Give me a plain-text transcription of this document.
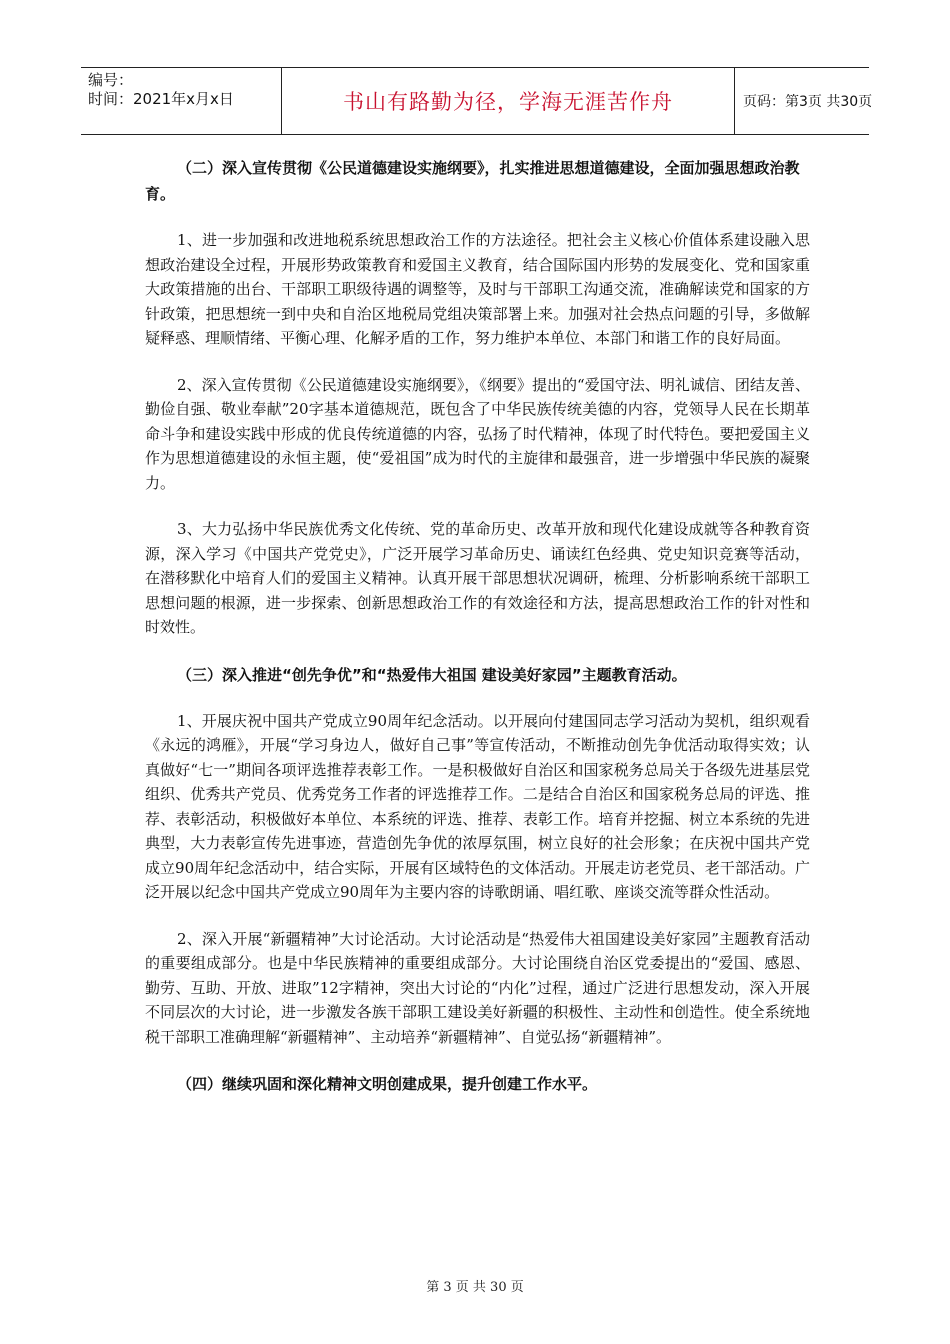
编号：
时间：2021年x月x日	书山有路勤为径，学海无涯苦作舟	页码：第3页 共30页
（二）深入宣传贯彻《公民道德建设实施纲要》，扎实推进思想道德建设，全面加强思想政治教育。

1、进一步加强和改进地税系统思想政治工作的方法途径。把社会主义核心价值体系建设融入思想政治建设全过程，开展形势政策教育和爱国主义教育，结合国际国内形势的发展变化、党和国家重大政策措施的出台、干部职工职级待遇的调整等，及时与干部职工沟通交流，准确解读党和国家的方针政策，把思想统一到中央和自治区地税局党组决策部署上来。加强对社会热点问题的引导，多做解疑释惑、理顺情绪、平衡心理、化解矛盾的工作，努力维护本单位、本部门和谐工作的良好局面。

2、深入宣传贯彻《公民道德建设实施纲要》，《纲要》提出的“爱国守法、明礼诚信、团结友善、勤俭自强、敬业奉献”20字基本道德规范，既包含了中华民族传统美德的内容，党领导人民在长期革命斗争和建设实践中形成的优良传统道德的内容，弘扬了时代精神，体现了时代特色。要把爱国主义作为思想道德建设的永恒主题，使“爱祖国”成为时代的主旋律和最强音，进一步增强中华民族的凝聚力。

3、大力弘扬中华民族优秀文化传统、党的革命历史、改革开放和现代化建设成就等各种教育资源，深入学习《中国共产党党史》，广泛开展学习革命历史、诵读红色经典、党史知识竞赛等活动，在潜移默化中培育人们的爱国主义精神。认真开展干部思想状况调研，梳理、分析影响系统干部职工思想问题的根源，进一步探索、创新思想政治工作的有效途径和方法，提高思想政治工作的针对性和时效性。

（三）深入推进“创先争优”和“热爱伟大祖国 建设美好家园”主题教育活动。

1、开展庆祝中国共产党成立90周年纪念活动。以开展向付建国同志学习活动为契机，组织观看《永远的鸿雁》，开展“学习身边人，做好自己事”等宣传活动，不断推动创先争优活动取得实效；认真做好“七一”期间各项评选推荐表彰工作。一是积极做好自治区和国家税务总局关于各级先进基层党组织、优秀共产党员、优秀党务工作者的评选推荐工作。二是结合自治区和国家税务总局的评选、推荐、表彰活动，积极做好本单位、本系统的评选、推荐、表彰工作。培育并挖掘、树立本系统的先进典型，大力表彰宣传先进事迹，营造创先争优的浓厚氛围，树立良好的社会形象；在庆祝中国共产党成立90周年纪念活动中，结合实际，开展有区域特色的文体活动。开展走访老党员、老干部活动。广泛开展以纪念中国共产党成立90周年为主要内容的诗歌朗诵、唱红歌、座谈交流等群众性活动。

2、深入开展“新疆精神”大讨论活动。大讨论活动是“热爱伟大祖国建设美好家园”主题教育活动的重要组成部分。也是中华民族精神的重要组成部分。大讨论围绕自治区党委提出的“爱国、感恩、勤劳、互助、开放、进取”12字精神，突出大讨论的“内化”过程，通过广泛进行思想发动，深入开展不同层次的大讨论，进一步激发各族干部职工建设美好新疆的积极性、主动性和创造性。使全系统地税干部职工准确理解“新疆精神”、主动培养“新疆精神”、自觉弘扬“新疆精神”。

（四）继续巩固和深化精神文明创建成果，提升创建工作水平。
第 3 页 共 30 页
